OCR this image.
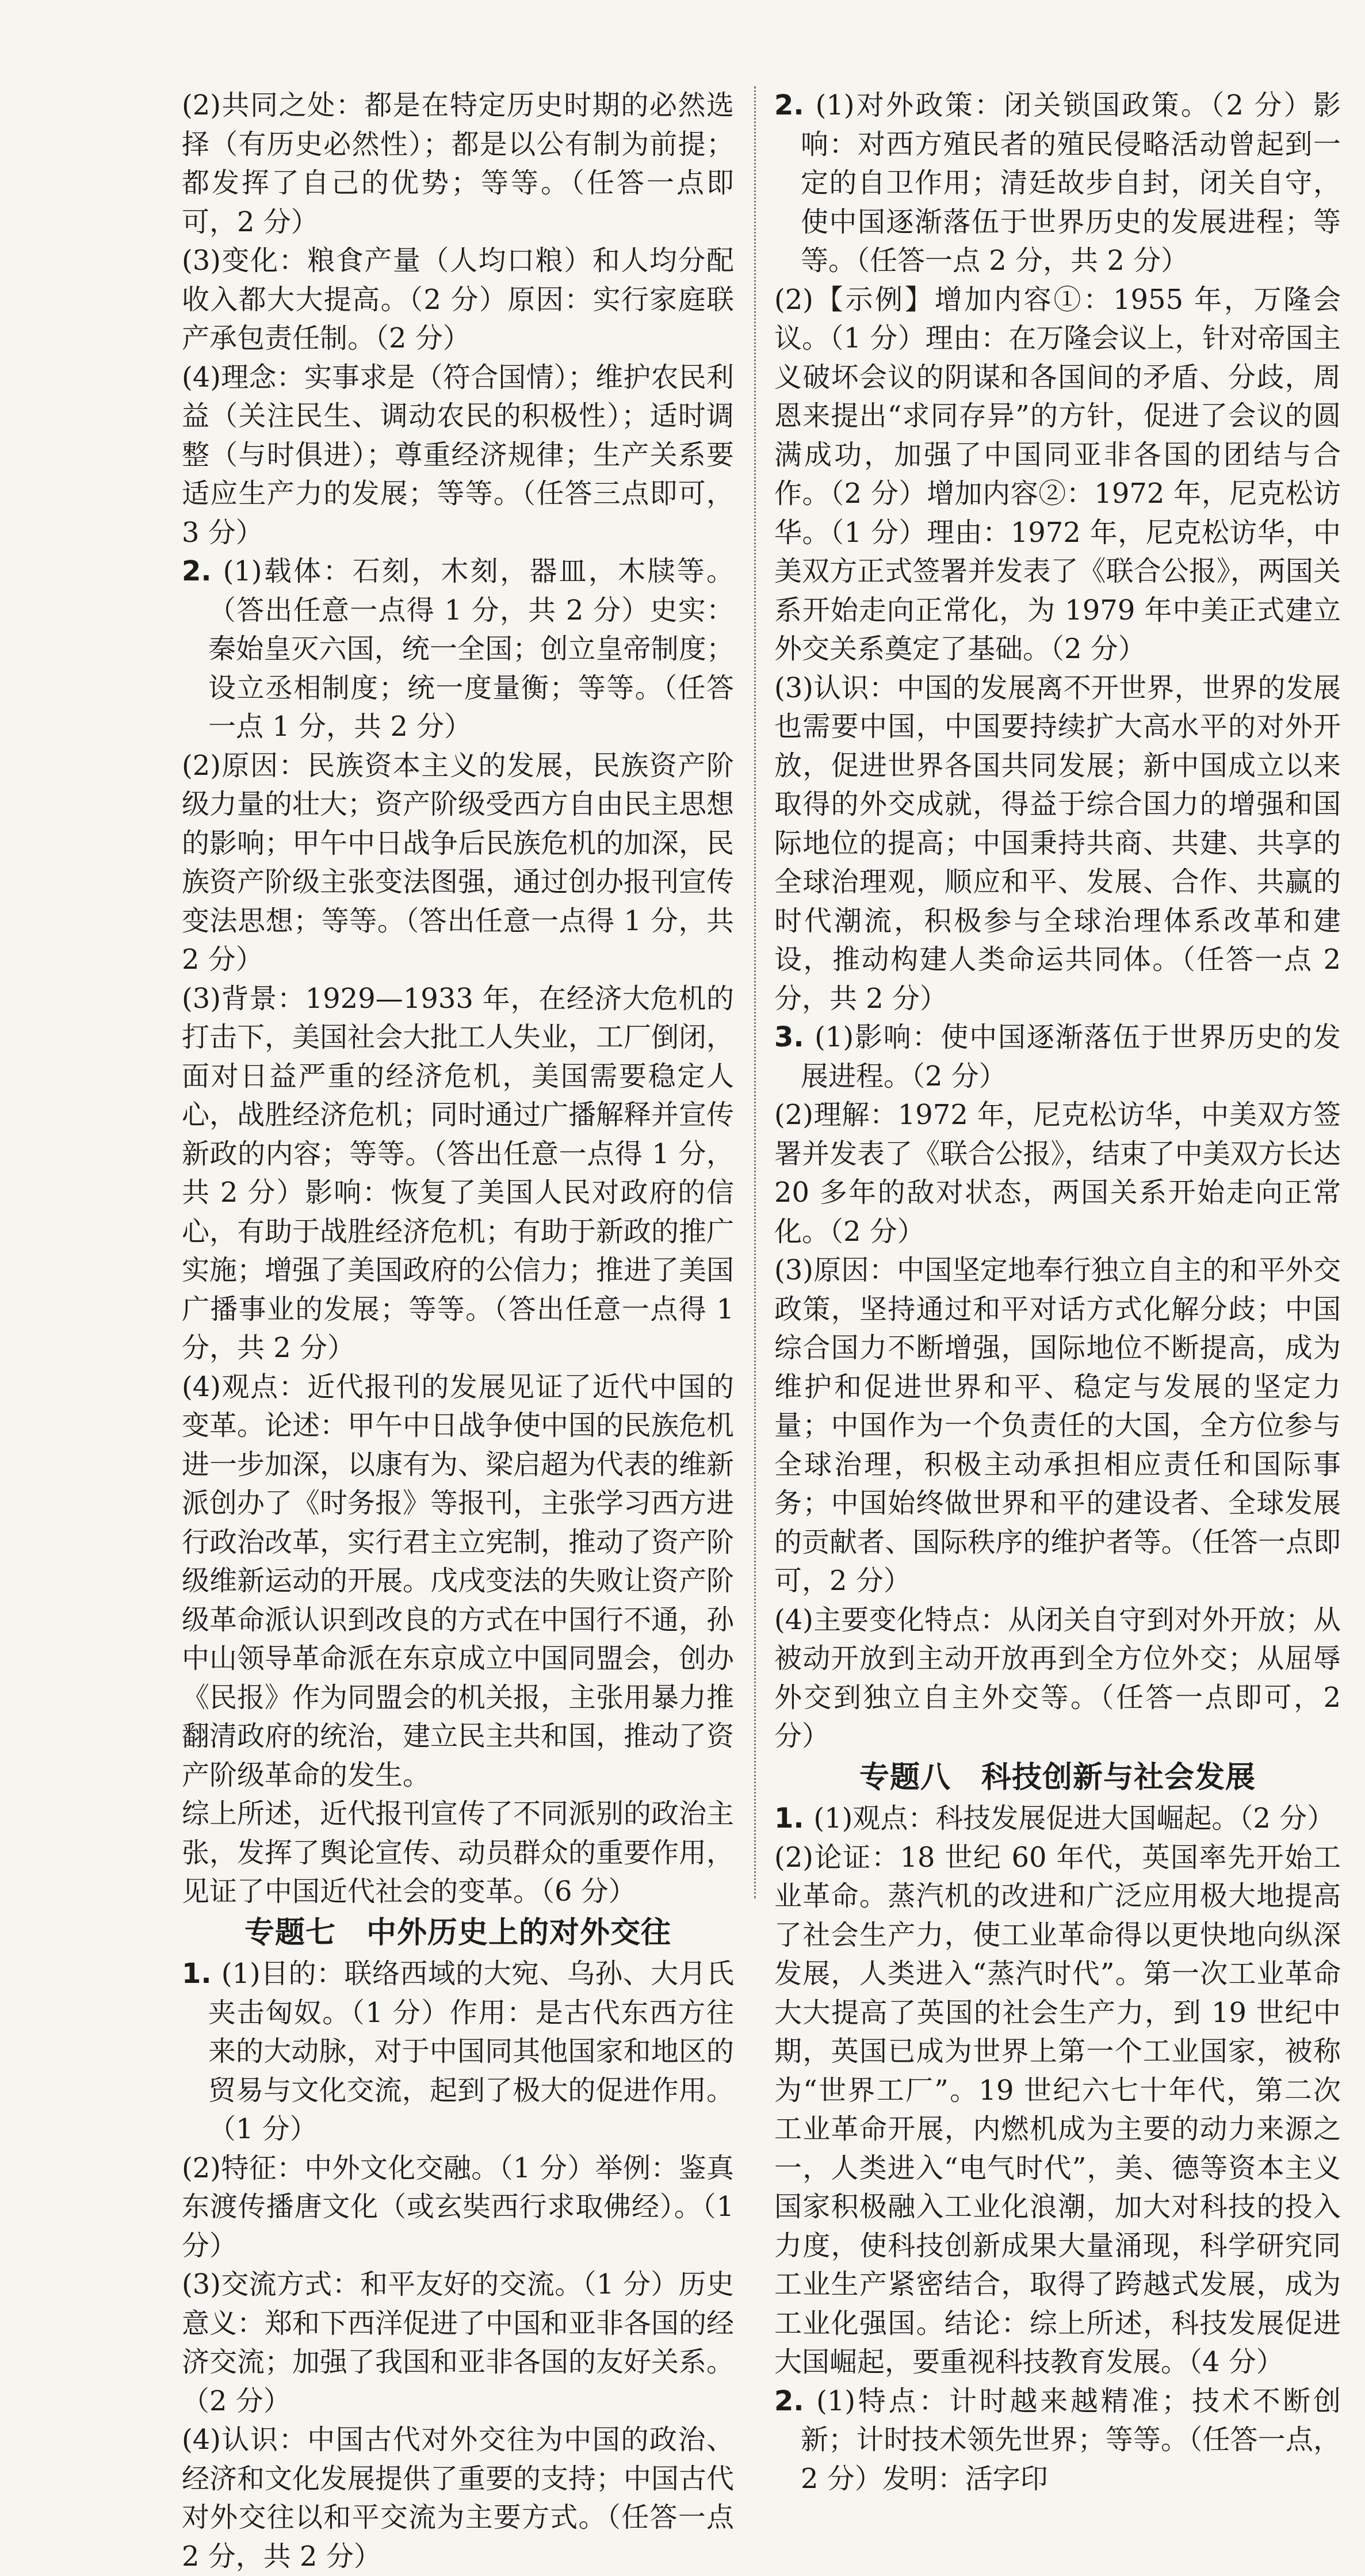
(2)共同之处：都是在特定历史时期的必然选择（有历史必然性）；都是以公有制为前提；都发挥了自己的优势；等等。（任答一点即可，2 分）

(3)变化：粮食产量（人均口粮）和人均分配收入都大大提高。（2 分）原因：实行家庭联产承包责任制。（2 分）

(4)理念：实事求是（符合国情）；维护农民利益（关注民生、调动农民的积极性）；适时调整（与时俱进）；尊重经济规律；生产关系要适应生产力的发展；等等。（任答三点即可，3 分）

2. (1)载体：石刻，木刻，器皿，木牍等。（答出任意一点得 1 分，共 2 分）史实：秦始皇灭六国，统一全国；创立皇帝制度；设立丞相制度；统一度量衡；等等。（任答一点 1 分，共 2 分）

(2)原因：民族资本主义的发展，民族资产阶级力量的壮大；资产阶级受西方自由民主思想的影响；甲午中日战争后民族危机的加深，民族资产阶级主张变法图强，通过创办报刊宣传变法思想；等等。（答出任意一点得 1 分，共 2 分）

(3)背景：1929—1933 年，在经济大危机的打击下，美国社会大批工人失业，工厂倒闭，面对日益严重的经济危机，美国需要稳定人心，战胜经济危机；同时通过广播解释并宣传新政的内容；等等。（答出任意一点得 1 分，共 2 分）影响：恢复了美国人民对政府的信心，有助于战胜经济危机；有助于新政的推广实施；增强了美国政府的公信力；推进了美国广播事业的发展；等等。（答出任意一点得 1 分，共 2 分）

(4)观点：近代报刊的发展见证了近代中国的变革。论述：甲午中日战争使中国的民族危机进一步加深，以康有为、梁启超为代表的维新派创办了《时务报》等报刊，主张学习西方进行政治改革，实行君主立宪制，推动了资产阶级维新运动的开展。戊戌变法的失败让资产阶级革命派认识到改良的方式在中国行不通，孙中山领导革命派在东京成立中国同盟会，创办《民报》作为同盟会的机关报，主张用暴力推翻清政府的统治，建立民主共和国，推动了资产阶级革命的发生。

综上所述，近代报刊宣传了不同派别的政治主张，发挥了舆论宣传、动员群众的重要作用，见证了中国近代社会的变革。（6 分）

专题七　中外历史上的对外交往

1. (1)目的：联络西域的大宛、乌孙、大月氏夹击匈奴。（1 分）作用：是古代东西方往来的大动脉，对于中国同其他国家和地区的贸易与文化交流，起到了极大的促进作用。（1 分）

(2)特征：中外文化交融。（1 分）举例：鉴真东渡传播唐文化（或玄奘西行求取佛经）。（1 分）

(3)交流方式：和平友好的交流。（1 分）历史意义：郑和下西洋促进了中国和亚非各国的经济交流；加强了我国和亚非各国的友好关系。（2 分）

(4)认识：中国古代对外交往为中国的政治、经济和文化发展提供了重要的支持；中国古代对外交往以和平交流为主要方式。（任答一点 2 分，共 2 分）

2. (1)对外政策：闭关锁国政策。（2 分）影响：对西方殖民者的殖民侵略活动曾起到一定的自卫作用；清廷故步自封，闭关自守，使中国逐渐落伍于世界历史的发展进程；等等。（任答一点 2 分，共 2 分）

(2)【示例】增加内容①：1955 年，万隆会议。（1 分）理由：在万隆会议上，针对帝国主义破坏会议的阴谋和各国间的矛盾、分歧，周恩来提出“求同存异”的方针，促进了会议的圆满成功，加强了中国同亚非各国的团结与合作。（2 分）增加内容②：1972 年，尼克松访华。（1 分）理由：1972 年，尼克松访华，中美双方正式签署并发表了《联合公报》，两国关系开始走向正常化，为 1979 年中美正式建立外交关系奠定了基础。（2 分）

(3)认识：中国的发展离不开世界，世界的发展也需要中国，中国要持续扩大高水平的对外开放，促进世界各国共同发展；新中国成立以来取得的外交成就，得益于综合国力的增强和国际地位的提高；中国秉持共商、共建、共享的全球治理观，顺应和平、发展、合作、共赢的时代潮流，积极参与全球治理体系改革和建设，推动构建人类命运共同体。（任答一点 2 分，共 2 分）

3. (1)影响：使中国逐渐落伍于世界历史的发展进程。（2 分）

(2)理解：1972 年，尼克松访华，中美双方签署并发表了《联合公报》，结束了中美双方长达 20 多年的敌对状态，两国关系开始走向正常化。（2 分）

(3)原因：中国坚定地奉行独立自主的和平外交政策，坚持通过和平对话方式化解分歧；中国综合国力不断增强，国际地位不断提高，成为维护和促进世界和平、稳定与发展的坚定力量；中国作为一个负责任的大国，全方位参与全球治理，积极主动承担相应责任和国际事务；中国始终做世界和平的建设者、全球发展的贡献者、国际秩序的维护者等。（任答一点即可，2 分）

(4)主要变化特点：从闭关自守到对外开放；从被动开放到主动开放再到全方位外交；从屈辱外交到独立自主外交等。（任答一点即可，2 分）

专题八　科技创新与社会发展

1. (1)观点：科技发展促进大国崛起。（2 分）

(2)论证：18 世纪 60 年代，英国率先开始工业革命。蒸汽机的改进和广泛应用极大地提高了社会生产力，使工业革命得以更快地向纵深发展，人类进入“蒸汽时代”。第一次工业革命大大提高了英国的社会生产力，到 19 世纪中期，英国已成为世界上第一个工业国家，被称为“世界工厂”。19 世纪六七十年代，第二次工业革命开展，内燃机成为主要的动力来源之一，人类进入“电气时代”，美、德等资本主义国家积极融入工业化浪潮，加大对科技的投入力度，使科技创新成果大量涌现，科学研究同工业生产紧密结合，取得了跨越式发展，成为工业化强国。结论：综上所述，科技发展促进大国崛起，要重视科技教育发展。（4 分）

2. (1)特点：计时越来越精准；技术不断创新；计时技术领先世界；等等。（任答一点，2 分）发明：活字印
